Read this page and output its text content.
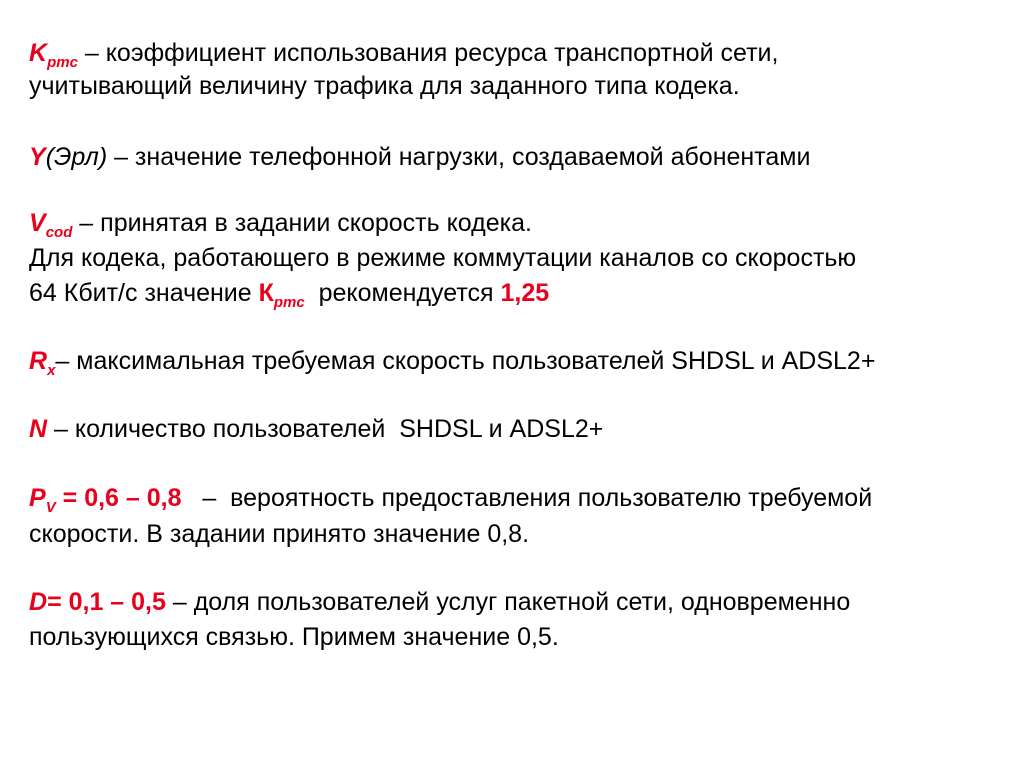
$K_{pmc}$ – коэффициент использования ресурса транспортной сети,
учитывающий величину трафика для заданного типа кодека.
Y(Эрл) – значение телефонной нагрузки, создаваемой абонентами
$V_{cod}$ – принятая в задании скорость кодека.
Для кодека, работающего в режиме коммутации каналов со скоростью
64 Кбит/с значение $К_{pmc}$  рекомендуется 1,25
$R_x-$ максимальная требуемая скорость пользователей SHDSL и ADSL2+
N – количество пользователей  SHDSL и ADSL2+
$P_V = 0,6 - 0,8$   –  вероятность предоставления пользователю требуемой
скорости. В задании принято значение 0,8.
D= 0,1 – 0,5 – доля пользователей услуг пакетной сети, одновременно
пользующихся связью. Примем значение 0,5.
